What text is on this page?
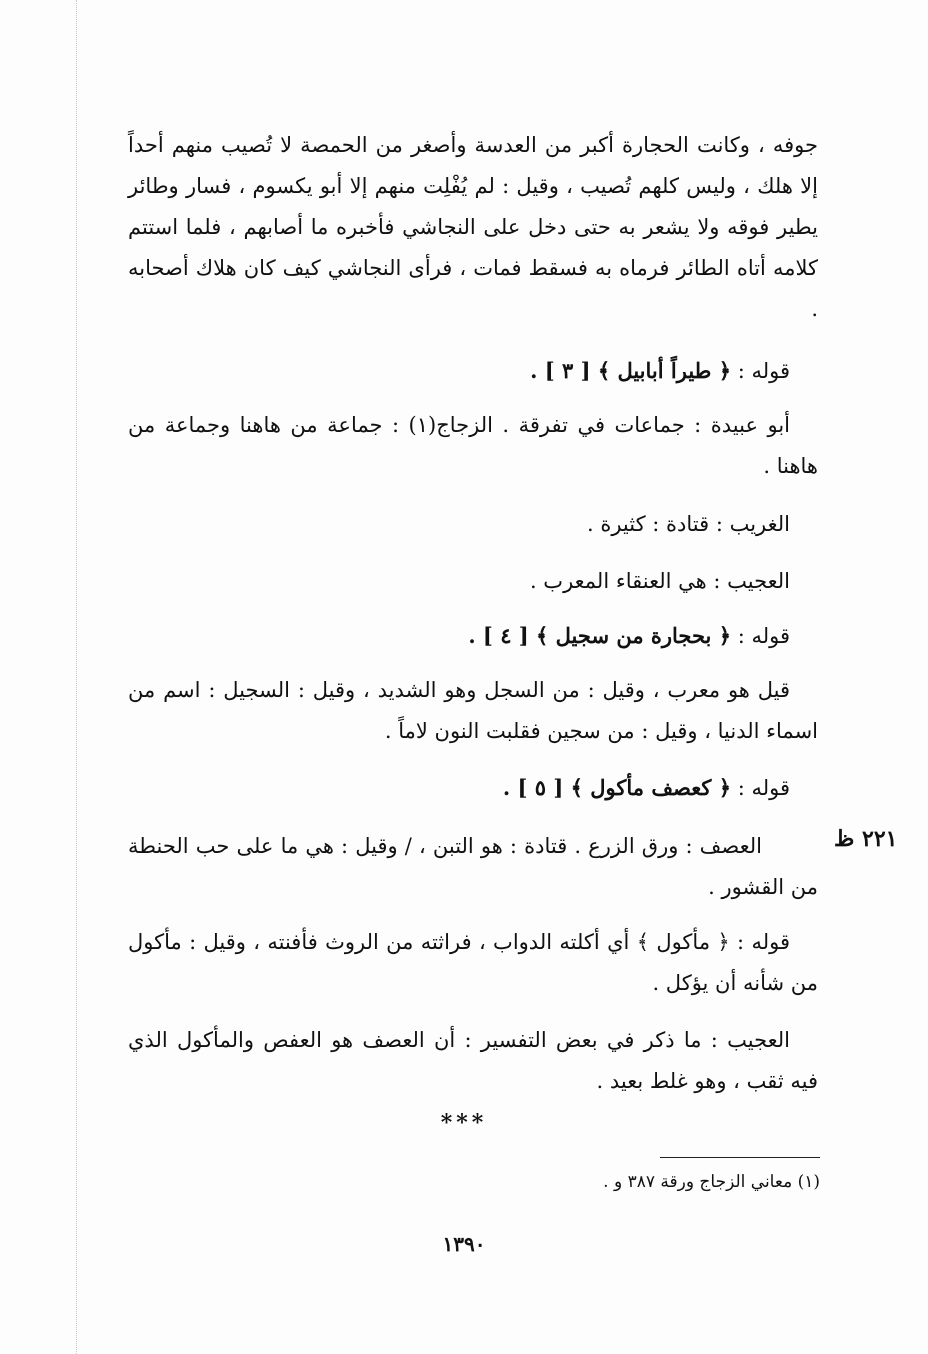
جوفه ، وكانت الحجارة أكبر من العدسة وأصغر من الحمصة لا تُصيب منهم أحداً إلا هلك ، وليس كلهم تُصيب ، وقيل : لم يُفْلِت منهم إلا أبو يكسوم ، فسار وطائر يطير فوقه ولا يشعر به حتى دخل على النجاشي فأخبره ما أصابهم ، فلما استتم كلامه أتاه الطائر فرماه به فسقط فمات ، فرأى النجاشي كيف كان هلاك أصحابه .

قوله : ﴿ طيراً أبابيل ﴾ [ ٣ ] .

أبو عبيدة : جماعات في تفرقة . الزجاج(١) : جماعة من هاهنا وجماعة من هاهنا .

الغريب : قتادة : كثيرة .

العجيب : هي العنقاء المعرب .

قوله : ﴿ بحجارة من سجيل ﴾ [ ٤ ] .

قيل هو معرب ، وقيل : من السجل وهو الشديد ، وقيل : السجيل : اسم من اسماء الدنيا ، وقيل : من سجين فقلبت النون لاماً .

قوله : ﴿ كعصف مأكول ﴾ [ ٥ ] .

٢٢١ ظ

العصف : ورق الزرع . قتادة : هو التبن ، / وقيل : هي ما على حب الحنطة من القشور .

قوله : ﴿ مأكول ﴾ أي أكلته الدواب ، فراثته من الروث فأفنته ، وقيل : مأكول من شأنه أن يؤكل .

العجيب : ما ذكر في بعض التفسير : أن العصف هو العفص والمأكول الذي فيه ثقب ، وهو غلط بعيد .

***
(١) معاني الزجاج ورقة ٣٨٧ و .
١٣٩٠
